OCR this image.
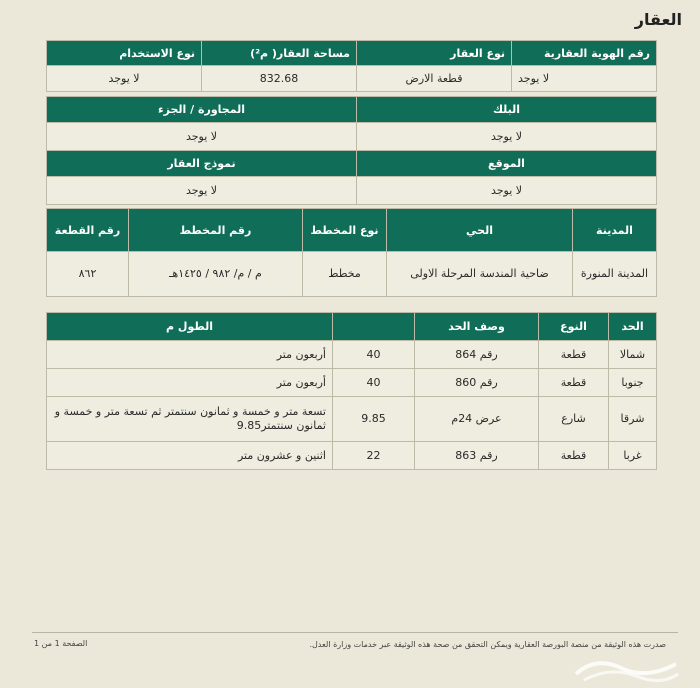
العقار
رقم الهوية العقارية	نوع العقار	مساحة العقار( م²)	نوع الاستخدام
لا يوجد	قطعة الارض	832.68	لا يوجد
البلك	المجاورة / الجزء
لا يوجد	لا يوجد
الموقع	نموذج العقار
لا يوجد	لا يوجد
المدينة	الحي	نوع المخطط	رقم المخطط	رقم القطعة
المدينة المنورة	ضاحية المندسة المرحلة الاولى	مخطط	م / م/ ٩٨٢ / ١٤٢٥هـ	٨٦٢
الحد	النوع	وصف الحد		الطول م
شمالا	قطعة	رقم 864	40	أربعون متر
جنوبا	قطعة	رقم 860	40	أربعون متر
شرقا	شارع	عرض 24م	9.85	تسعة متر و خمسة و ثمانون سنتمتر ثم تسعة متر و خمسة و ثمانون سنتمتر9.85
غربا	قطعة	رقم 863	22	اثنين و عشرون متر
صدرت هذه الوثيقة من منصة البورصة العقارية ويمكن التحقق من صحة هذه الوثيقة عبر خدمات وزارة العدل.
الصفحة 1 من 1
